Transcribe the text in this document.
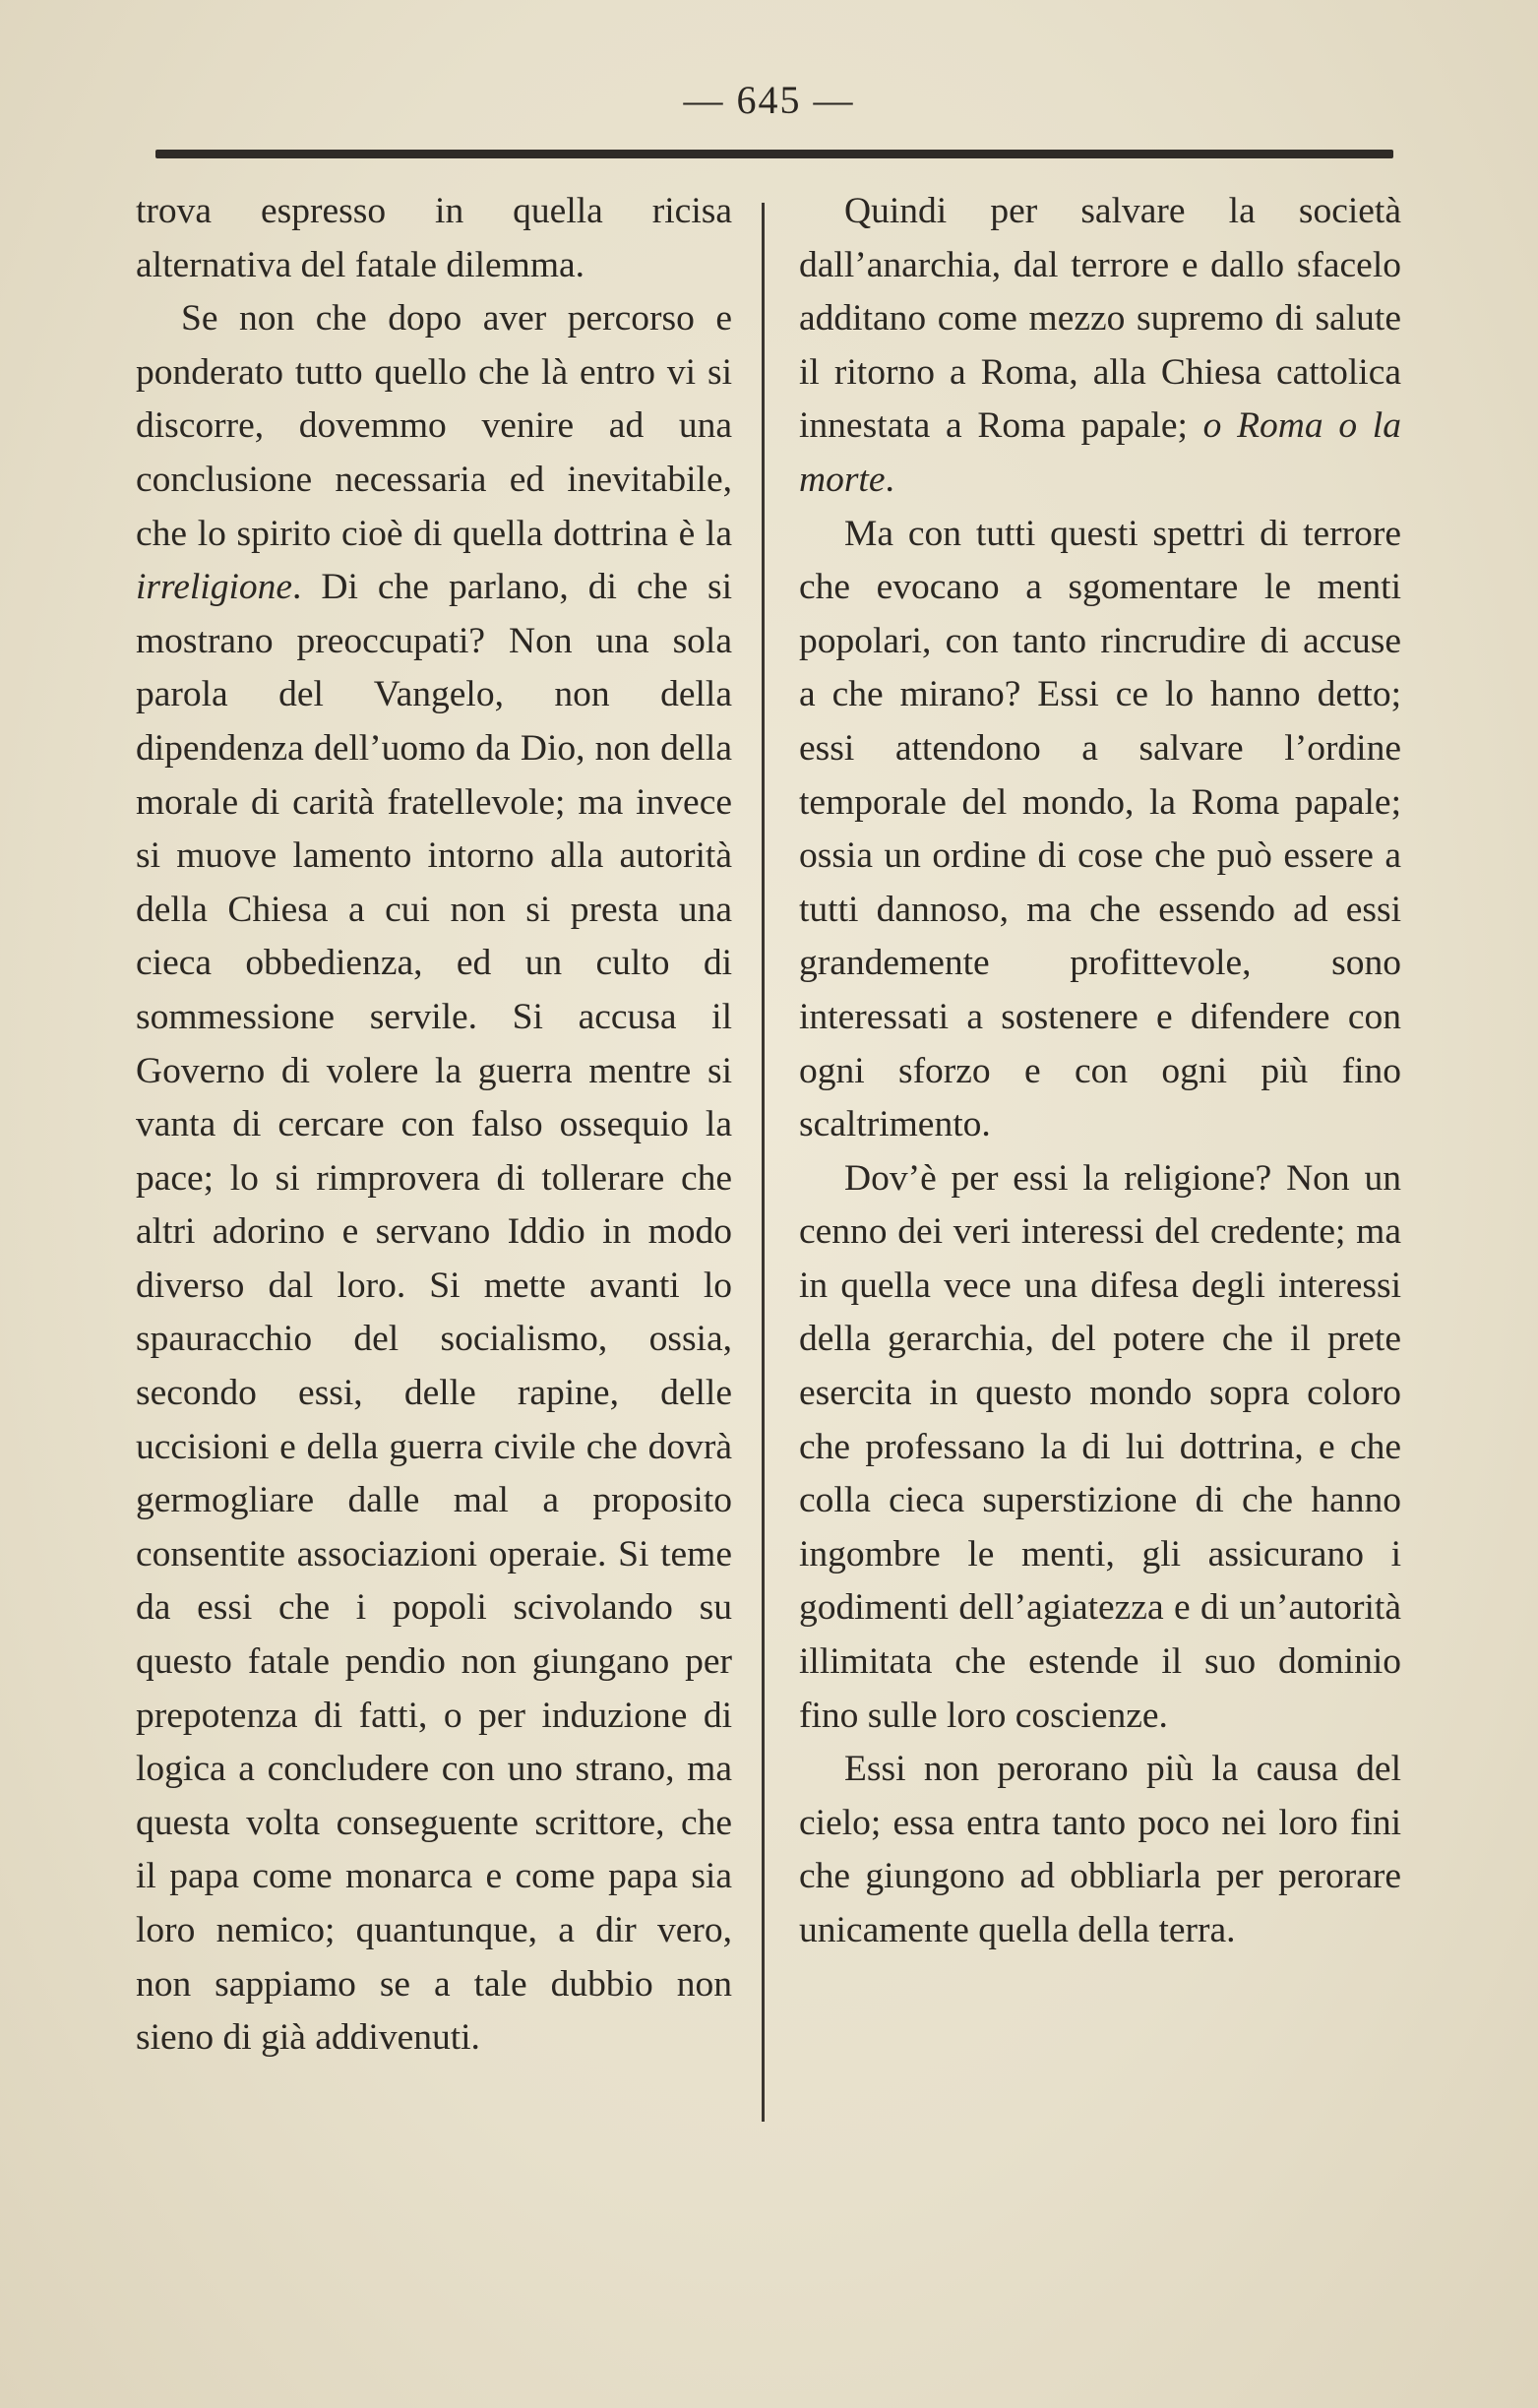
— 645 —

trova espresso in quella ricisa alternativa del fatale dilemma.

Se non che dopo aver percorso e ponderato tutto quello che là entro vi si discorre, dovemmo venire ad una conclusione necessaria ed inevitabile, che lo spirito cioè di quella dottrina è la irreligione. Di che parlano, di che si mostrano preoccupati? Non una sola parola del Vangelo, non della dipendenza dell’uomo da Dio, non della morale di carità fratellevole; ma invece si muove lamento intorno alla autorità della Chiesa a cui non si presta una cieca obbedienza, ed un culto di sommessione servile. Si accusa il Governo di volere la guerra mentre si vanta di cercare con falso ossequio la pace; lo si rimprovera di tollerare che altri adorino e servano Iddio in modo diverso dal loro. Si mette avanti lo spauracchio del socialismo, ossia, secondo essi, delle rapine, delle uccisioni e della guerra civile che dovrà germogliare dalle mal a proposito consentite associazioni operaie. Si teme da essi che i popoli scivolando su questo fatale pendio non giungano per prepotenza di fatti, o per induzione di logica a concludere con uno strano, ma questa volta conseguente scrittore, che il papa come monarca e come papa sia loro nemico; quantunque, a dir vero, non sappiamo se a tale dubbio non sieno di già addivenuti.

Quindi per salvare la società dall’anarchia, dal terrore e dallo sfacelo additano come mezzo supremo di salute il ritorno a Roma, alla Chiesa cattolica innestata a Roma papale; o Roma o la morte.

Ma con tutti questi spettri di terrore che evocano a sgomentare le menti popolari, con tanto rincrudire di accuse a che mirano? Essi ce lo hanno detto; essi attendono a salvare l’ordine temporale del mondo, la Roma papale; ossia un ordine di cose che può essere a tutti dannoso, ma che essendo ad essi grandemente profittevole, sono interessati a sostenere e difendere con ogni sforzo e con ogni più fino scaltrimento.

Dov’è per essi la religione? Non un cenno dei veri interessi del credente; ma in quella vece una difesa degli interessi della gerarchia, del potere che il prete esercita in questo mondo sopra coloro che professano la di lui dottrina, e che colla cieca superstizione di che hanno ingombre le menti, gli assicurano i godimenti dell’agiatezza e di un’autorità illimitata che estende il suo dominio fino sulle loro coscienze.

Essi non perorano più la causa del cielo; essa entra tanto poco nei loro fini che giungono ad obbliarla per perorare unicamente quella della terra.
